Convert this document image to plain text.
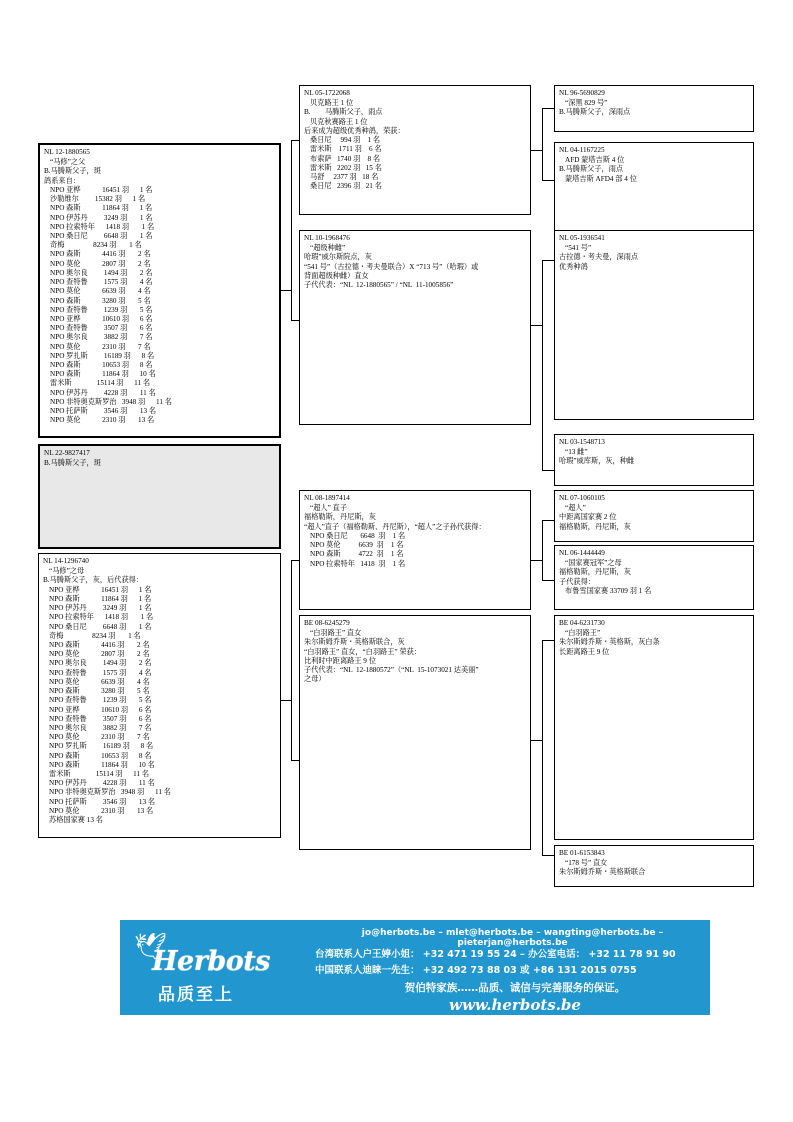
NL 12-1880565
“马修”之父
B.马腾斯父子，斑
鸽系来自：
NPO 亚桦            16451 羽      1 名
沙勒维尔         15382 羽      1 名
NPO 森斯            11864 羽      1 名
NPO 伊苏丹         3249 羽       1 名
NPO 拉索特年      1418 羽       1 名
NPO 桑日尼         6648 羽       1 名
奇梅                8234 羽       1 名
NPO 森斯            4416 羽       2 名
NPO 莫伦            2807 羽       2 名
NPO 奥尔良         1494 羽       2 名
NPO 查特鲁         1575 羽       4 名
NPO 莫伦            6639 羽       4 名
NPO 森斯            3280 羽       5 名
NPO 查特鲁         1239 羽       5 名
NPO 亚桦            10610 羽      6 名
NPO 查特鲁         3507 羽       6 名
NPO 奥尔良         3882 羽       7 名
NPO 莫伦            2310 羽       7 名
NPO 罗扎斯         16189 羽      8 名
NPO 森斯            10653 羽      8 名
NPO 森斯            11864 羽      10 名
雷米斯              15114 羽      11 名
NPO 伊苏丹         4228 羽       11 名
NPO 非特奥克斯罗治   3948 羽      11 名
NPO 托萨斯         3546 羽       13 名
NPO 莫伦            2310 羽       13 名
NL 22-9827417
B.马腾斯父子，斑
NL 14-1296740
“马修”之母
B.马腾斯父子，灰，后代获得：
NPO 亚桦            16451 羽      1 名
NPO 森斯            11864 羽      1 名
NPO 伊苏丹         3249 羽       1 名
NPO 拉索特年      1418 羽       1 名
NPO 桑日尼         6648 羽       1 名
奇梅                8234 羽       1 名
NPO 森斯            4416 羽       2 名
NPO 莫伦            2807 羽       2 名
NPO 奥尔良         1494 羽       2 名
NPO 查特鲁         1575 羽       4 名
NPO 莫伦            6639 羽       4 名
NPO 森斯            3280 羽       5 名
NPO 查特鲁         1239 羽       5 名
NPO 亚桦            10610 羽      6 名
NPO 查特鲁         3507 羽       6 名
NPO 奥尔良         3882 羽       7 名
NPO 莫伦            2310 羽       7 名
NPO 罗扎斯         16189 羽      8 名
NPO 森斯            10653 羽      8 名
NPO 森斯            11864 羽      10 名
雷米斯              15114 羽      11 名
NPO 伊苏丹         4228 羽       11 名
NPO 非特奥克斯罗治   3948 羽      11 名
NPO 托萨斯         3546 羽       13 名
NPO 莫伦            2310 羽       13 名
苏格国家赛 13 名
NL 05-1722068
贝克路王 1 位
B.        马腾斯父子，雨点
贝克秋赛路王 1 位
后来成为超级优秀种鸽，荣获：
桑日尼     994 羽    1 名
雷米斯    1711 羽    6 名
布索萨   1740 羽    8 名
雷米斯   2202 羽   15 名
马舒     2377 羽   18 名
桑日尼   2396 羽   21 名
NL 10-1968476
“超级种雌”
哈瑕”威尔斯院点，灰
“541 号”（古拉德・考夫曼联合）X “713 号”（哈瑕）或
背面超级种雌）直女
子代代表：“NL  12-1880565” / “NL  11-1005856”
NL 08-1897414
“超人” 直子
福格勒斯，丹尼斯，灰
“超人”直子（福格勒斯、丹尼斯），“超人”之子孙代获得：
NPO 桑日尼       6648  羽    1 名
NPO 莫伦          6639  羽    1 名
NPO 森斯          4722  羽    1 名
NPO 拉索特年   1418  羽    1 名
BE 08-6245279
“白羽路王” 直女
朱尔斯姆乔斯・英格斯联合，灰
“白羽路王” 直女，“白羽路王” 荣获：
比利时中距离路王 9 位
子代代表：“NL  12-1880572”（“NL  15-1073021 达美丽”
之母）
NL 96-5690829
“深黑 829 号”
B.马腾斯父子，深雨点
NL 04-1167225
AFD 蒙塔吉斯 4 位
B.马腾斯父子，雨点
蒙塔吉斯 AFD4 部 4 位
NL 05-1936541
“541 号”
古拉德・考夫曼，深雨点
优秀种鸽
NL 03-1548713
“13 雌”
哈瑕”威库斯，灰，种雌
NL 07-1060105
“超人”
中距离国家赛 2 位
福格勒斯，丹尼斯，灰
NL 06-1444449
“国家赛冠军”之母
福格勒斯，丹尼斯，灰
子代获得：
布鲁雪国家赛 33709 羽 1 名
BE 04-6231730
“白羽路王”
朱尔斯姆乔斯・英格斯，灰白条
长距离路王 9 位
BE 01-6153843
“178 号” 直女
朱尔斯姆乔斯・英格斯联合
🕊
Herbots
品质至上
jo@herbots.be – mlet@herbots.be – wangting@herbots.be – pieterjan@herbots.be
台湾联系人户王婷小姐： +32 471 19 55 24 – 办公室电话： +32 11 78 91 90
中国联系人迪睐一先生： +32 492 73 88 03 或 +86 131 2015 0755
贺伯特家族……品质、诚信与完善服务的保证。
www.herbots.be
